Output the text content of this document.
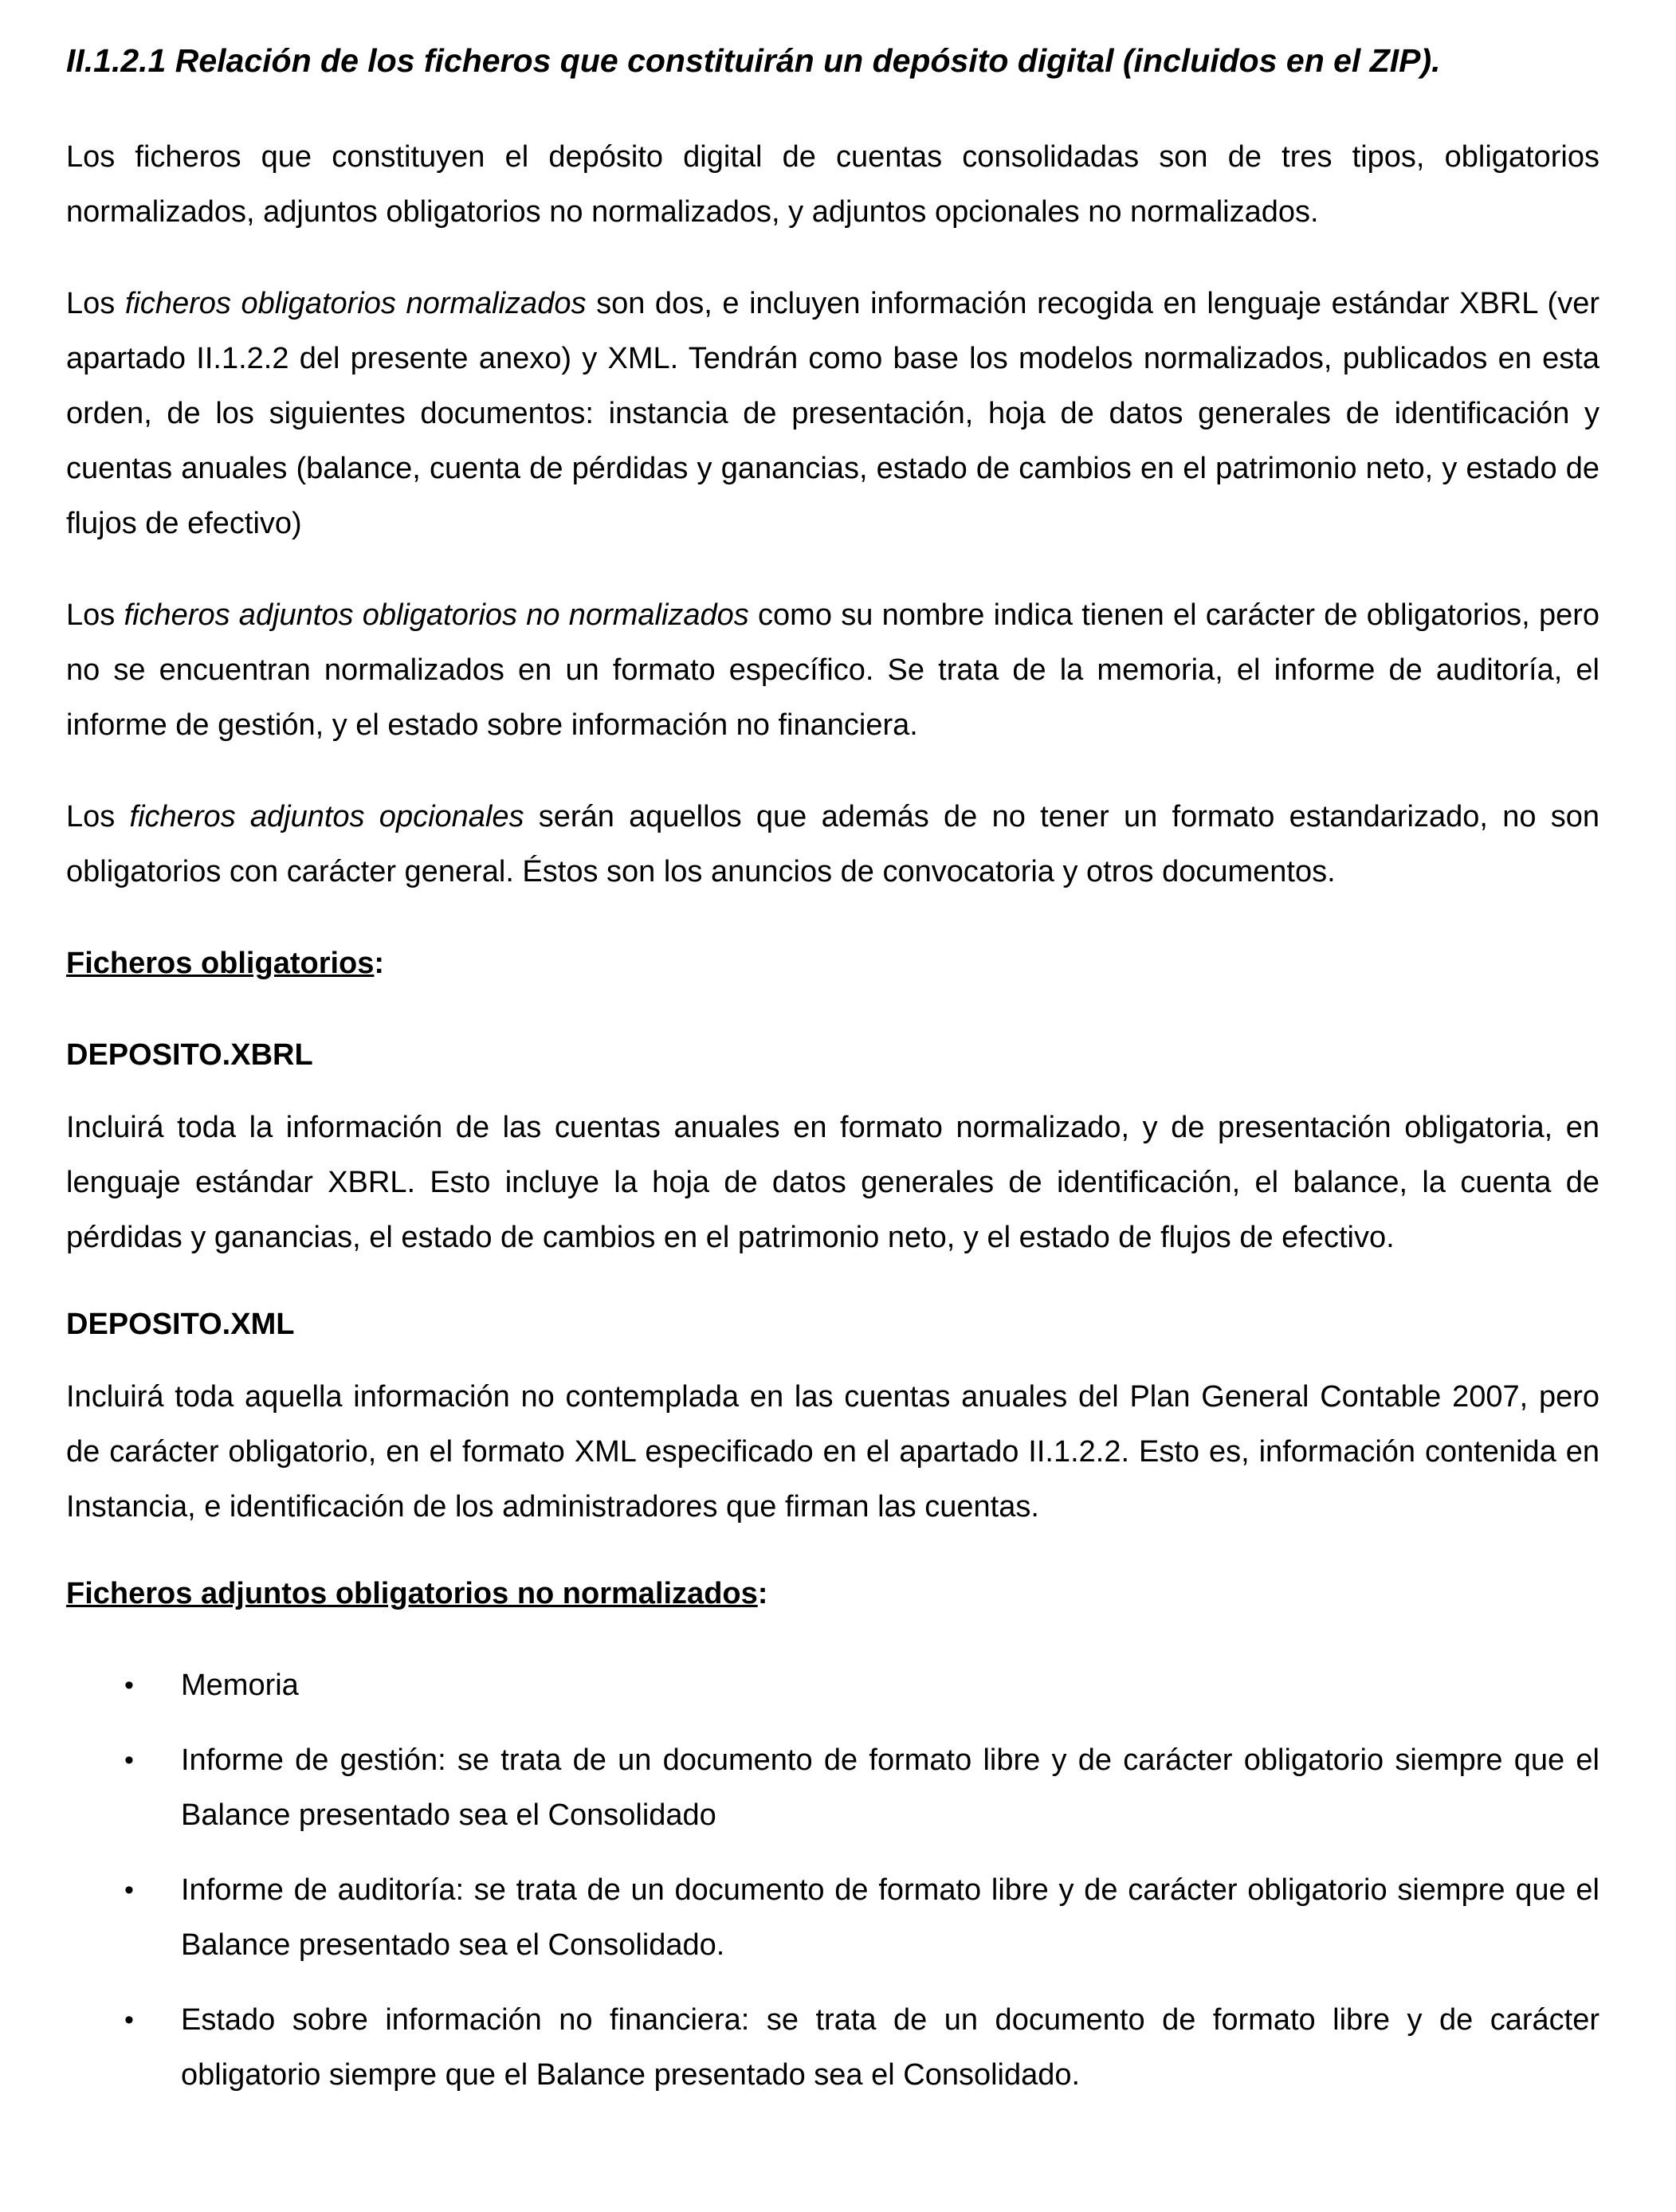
II.1.2.1 Relación de los ficheros que constituirán un depósito digital (incluidos en el ZIP).

Los ficheros que constituyen el depósito digital de cuentas consolidadas son de tres tipos, obligatorios normalizados, adjuntos obligatorios no normalizados, y adjuntos opcionales no normalizados.

Los ficheros obligatorios normalizados son dos, e incluyen información recogida en lenguaje estándar XBRL (ver apartado II.1.2.2 del presente anexo) y XML. Tendrán como base los modelos normalizados, publicados en esta orden, de los siguientes documentos: instancia de presentación, hoja de datos generales de identificación y cuentas anuales (balance, cuenta de pérdidas y ganancias, estado de cambios en el patrimonio neto, y estado de flujos de efectivo)

Los ficheros adjuntos obligatorios no normalizados como su nombre indica tienen el carácter de obligatorios, pero no se encuentran normalizados en un formato específico. Se trata de la memoria, el informe de auditoría, el informe de gestión, y el estado sobre información no financiera.

Los ficheros adjuntos opcionales serán aquellos que además de no tener un formato estandarizado, no son obligatorios con carácter general. Éstos son los anuncios de convocatoria y otros documentos.

Ficheros obligatorios:
DEPOSITO.XBRL

Incluirá toda la información de las cuentas anuales en formato normalizado, y de presentación obligatoria, en lenguaje estándar XBRL. Esto incluye la hoja de datos generales de identificación, el balance, la cuenta de pérdidas y ganancias, el estado de cambios en el patrimonio neto, y el estado de flujos de efectivo.

DEPOSITO.XML

Incluirá toda aquella información no contemplada en las cuentas anuales del Plan General Contable 2007, pero de carácter obligatorio, en el formato XML especificado en el apartado II.1.2.2. Esto es, información contenida en Instancia, e identificación de los administradores que firman las cuentas.

Ficheros adjuntos obligatorios no normalizados:
• Memoria
• Informe de gestión: se trata de un documento de formato libre y de carácter obligatorio siempre que el Balance presentado sea el Consolidado
• Informe de auditoría: se trata de un documento de formato libre y de carácter obligatorio siempre que el Balance presentado sea el Consolidado.
• Estado sobre información no financiera: se trata de un documento de formato libre y de carácter obligatorio siempre que el Balance presentado sea el Consolidado.
